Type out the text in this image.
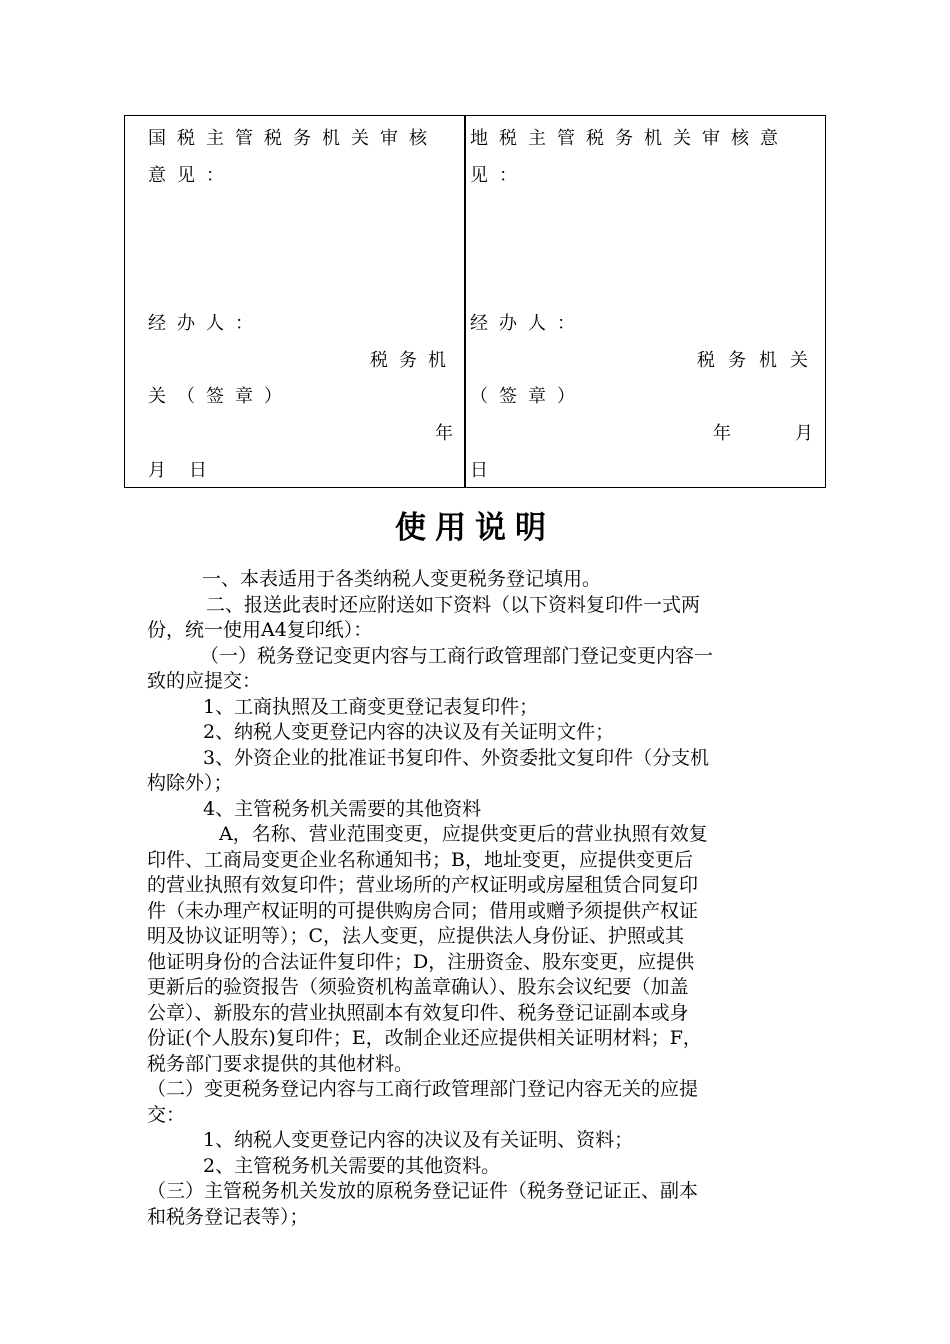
国税主管税务机关审核
意见：
经办人：
税务机
关（签章）
年
月    日
地税主管税务机关审核意
见：
经办人：
税务机关
（签章）
年	月
日
使用说明
一、本表适用于各类纳税人变更税务登记填用。
二、报送此表时还应附送如下资料（以下资料复印件一式两
份，统一使用A4复印纸）：
（一）税务登记变更内容与工商行政管理部门登记变更内容一
致的应提交：
1、工商执照及工商变更登记表复印件；
2、纳税人变更登记内容的决议及有关证明文件；
3、外资企业的批准证书复印件、外资委批文复印件（分支机
构除外）；
4、主管税务机关需要的其他资料
A，名称、营业范围变更，应提供变更后的营业执照有效复
印件、工商局变更企业名称通知书；B，地址变更，应提供变更后
的营业执照有效复印件；营业场所的产权证明或房屋租赁合同复印
件（未办理产权证明的可提供购房合同；借用或赠予须提供产权证
明及协议证明等）；C，法人变更，应提供法人身份证、护照或其
他证明身份的合法证件复印件；D，注册资金、股东变更，应提供
更新后的验资报告（须验资机构盖章确认）、股东会议纪要（加盖
公章）、新股东的营业执照副本有效复印件、税务登记证副本或身
份证(个人股东)复印件；E，改制企业还应提供相关证明材料；F，
税务部门要求提供的其他材料。
（二）变更税务登记内容与工商行政管理部门登记内容无关的应提
交：
1、纳税人变更登记内容的决议及有关证明、资料；
2、主管税务机关需要的其他资料。
（三）主管税务机关发放的原税务登记证件（税务登记证正、副本
和税务登记表等）；
